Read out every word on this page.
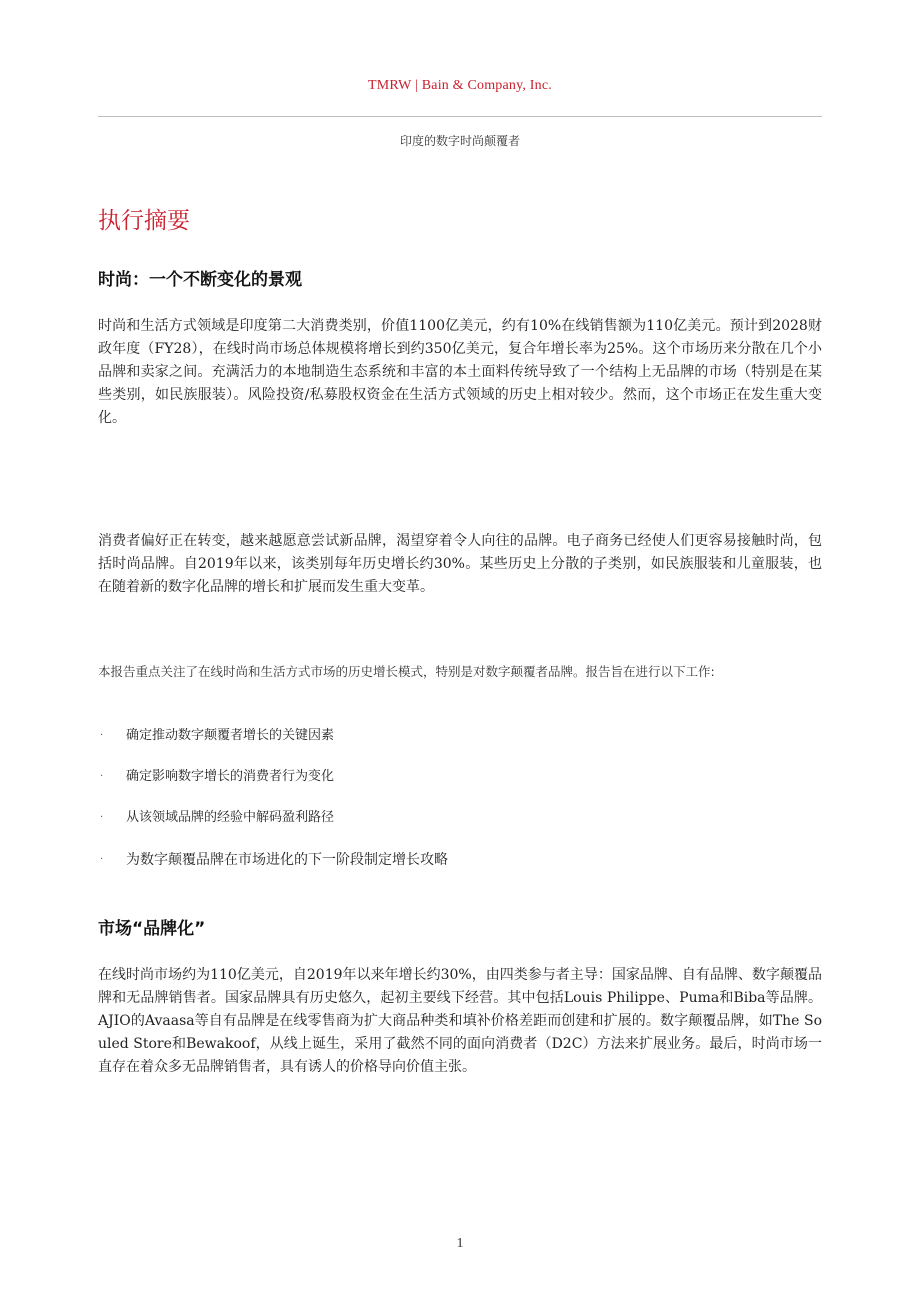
TMRW | Bain & Company, Inc.
印度的数字时尚颠覆者
执行摘要
时尚：一个不断变化的景观
时尚和生活方式领域是印度第二大消费类别，价值1100亿美元，约有10%在线销售额为110亿美元。预计到2028财政年度（FY28），在线时尚市场总体规模将增长到约350亿美元，复合年增长率为25%。这个市场历来分散在几个小品牌和卖家之间。充满活力的本地制造生态系统和丰富的本土面料传统导致了一个结构上无品牌的市场（特别是在某些类别，如民族服装）。风险投资/私募股权资金在生活方式领域的历史上相对较少。然而，这个市场正在发生重大变化。
消费者偏好正在转变，越来越愿意尝试新品牌，渴望穿着令人向往的品牌。电子商务已经使人们更容易接触时尚，包括时尚品牌。自2019年以来，该类别每年历史增长约30%。某些历史上分散的子类别，如民族服装和儿童服装，也在随着新的数字化品牌的增长和扩展而发生重大变革。
本报告重点关注了在线时尚和生活方式市场的历史增长模式，特别是对数字颠覆者品牌。报告旨在进行以下工作:
· 确定推动数字颠覆者增长的关键因素
· 确定影响数字增长的消费者行为变化
· 从该领域品牌的经验中解码盈利路径
· 为数字颠覆品牌在市场进化的下一阶段制定增长攻略
市场“品牌化”
在线时尚市场约为110亿美元，自2019年以来年增长约30%，由四类参与者主导：国家品牌、自有品牌、数字颠覆品牌和无品牌销售者。国家品牌具有历史悠久，起初主要线下经营。其中包括Louis Philippe、Puma和Biba等品牌。AJIO的Avaasa等自有品牌是在线零售商为扩大商品种类和填补价格差距而创建和扩展的。数字颠覆品牌，如The Souled Store和Bewakoof，从线上诞生，采用了截然不同的面向消费者（D2C）方法来扩展业务。最后，时尚市场一直存在着众多无品牌销售者，具有诱人的价格导向价值主张。
1
